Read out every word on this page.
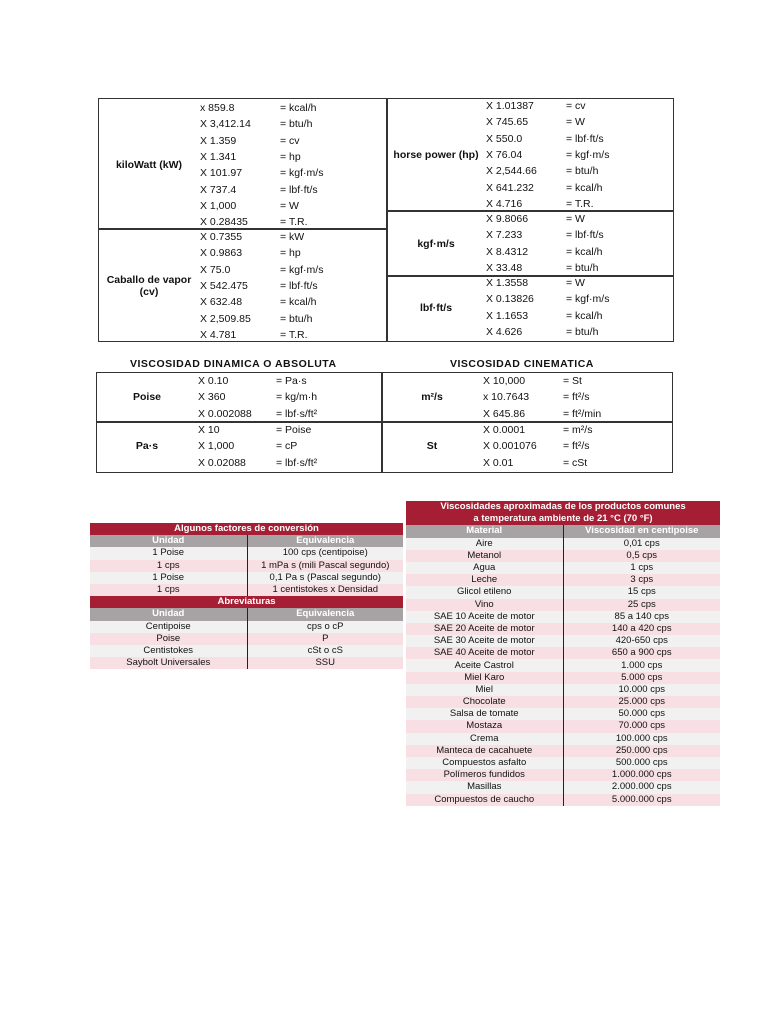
kiloWatt (kW)	x 859.8	= kcal/h
	X 3,412.14	= btu/h
	X 1.359	= cv
	X 1.341	= hp
	X 101.97	= kgf·m/s
	X 737.4	= lbf·ft/s
	X 1,000	= W
	X 0.28435	= T.R.
Caballo de vapor (cv)	X 0.7355	= kW
	X 0.9863	= hp
	X 75.0	= kgf·m/s
	X 542.475	= lbf·ft/s
	X 632.48	= kcal/h
	X 2,509.85	= btu/h
	X 4.781	= T.R.
horse power (hp)	X 1.01387	= cv
	X 745.65	= W
	X 550.0	= lbf·ft/s
	X 76.04	= kgf·m/s
	X 2,544.66	= btu/h
	X 641.232	= kcal/h
	X 4.716	= T.R.
kgf·m/s	X 9.8066	= W
	X 7.233	= lbf·ft/s
	X 8.4312	= kcal/h
	X 33.48	= btu/h
lbf·ft/s	X 1.3558	= W
	X 0.13826	= kgf·m/s
	X 1.1653	= kcal/h
	X 4.626	= btu/h
VISCOSIDAD DINAMICA O ABSOLUTA	VISCOSIDAD CINEMATICA
Poise	X 0.10	= Pa·s
	X 360	= kg/m·h
	X 0.002088	= lbf·s/ft²
Pa·s	X 10	= Poise
	X 1,000	= cP
	X 0.02088	= lbf·s/ft²
m²/s	X 10,000	= St
	x 10.7643	= ft²/s
	X 645.86	= ft²/min
St	X 0.0001	= m²/s
	X 0.001076	= ft²/s
	X 0.01	= cSt
Algunos factores de conversión	
Unidad	Equivalencia
1 Poise	100 cps (centipoise)
1 cps	1 mPa s (mili Pascal segundo)
1 Poise	0,1 Pa s (Pascal segundo)
1 cps	1 centistokes x Densidad
Abreviaturas	
Unidad	Equivalencia
Centipoise	cps o cP
Poise	P
Centistokes	cSt o cS
Saybolt Universales	SSU
Viscosidades aproximadas de los productos comunes	
a temperatura ambiente de 21 °C (70 °F)	
Material	Viscosidad en centipoise
Aire	0,01 cps
Metanol	0,5 cps
Agua	1 cps
Leche	3 cps
Glicol etileno	15 cps
Vino	25 cps
SAE 10 Aceite de motor	85 a 140 cps
SAE 20 Aceite de motor	140 a 420 cps
SAE 30 Aceite de motor	420-650 cps
SAE 40 Aceite de motor	650 a 900 cps
Aceite Castrol	1.000 cps
Miel Karo	5.000 cps
Miel	10.000 cps
Chocolate	25.000 cps
Salsa de tomate	50.000 cps
Mostaza	70.000 cps
Crema	100.000 cps
Manteca de cacahuete	250.000 cps
Compuestos asfalto	500.000 cps
Polímeros fundidos	1.000.000 cps
Masillas	2.000.000 cps
Compuestos de caucho	5.000.000 cps
